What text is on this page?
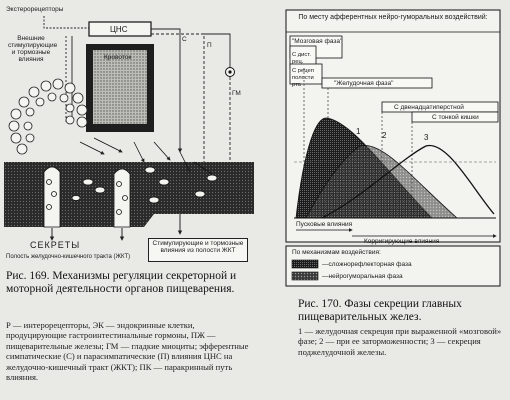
Экстерорецепторы
ЦНС
Внешние стимулирующие и тормозные влияния	Кровоток
С
П
ГМ
СЕКРЕТЫ
Полость желудочно-кишечного тракта (ЖКТ)
Стимулирующие и тормозные влияния из полости ЖКТ
Рис. 169. Механизмы регуляции секреторной и моторной деятельности органов пищеварения.
Р — интерорецепторы, ЭК — эндокринные клетки, продуцирующие гастроинтестинальные гормоны, ПЖ — пищеварительные железы; ГМ — гладкие миоциты; эфферентные симпатические (С) и парасимпатические (П) влияния ЦНС на желудочно-кишечный тракт (ЖКТ); ПК — паракринный путь влияния.
По месту афферентных нейро-гуморальных воздействий:
"Мозговая фаза"
С дист. рец.
С рецеп полости рта	"Желудочная фаза"
С двенадцатиперстной
С тонкой кишки
1	2	3
Пусковые влияния
Корригирующие влияния
По механизмам воздействия:
—сложнорефлекторная фаза
—нейрогуморальная фаза
Рис. 170. Фазы секреции главных пищеварительных желез.
1 — желудочная секреция при выраженной «мозговой» фазе; 2 — при ее заторможенности; 3 — секреция поджелудочной железы.
